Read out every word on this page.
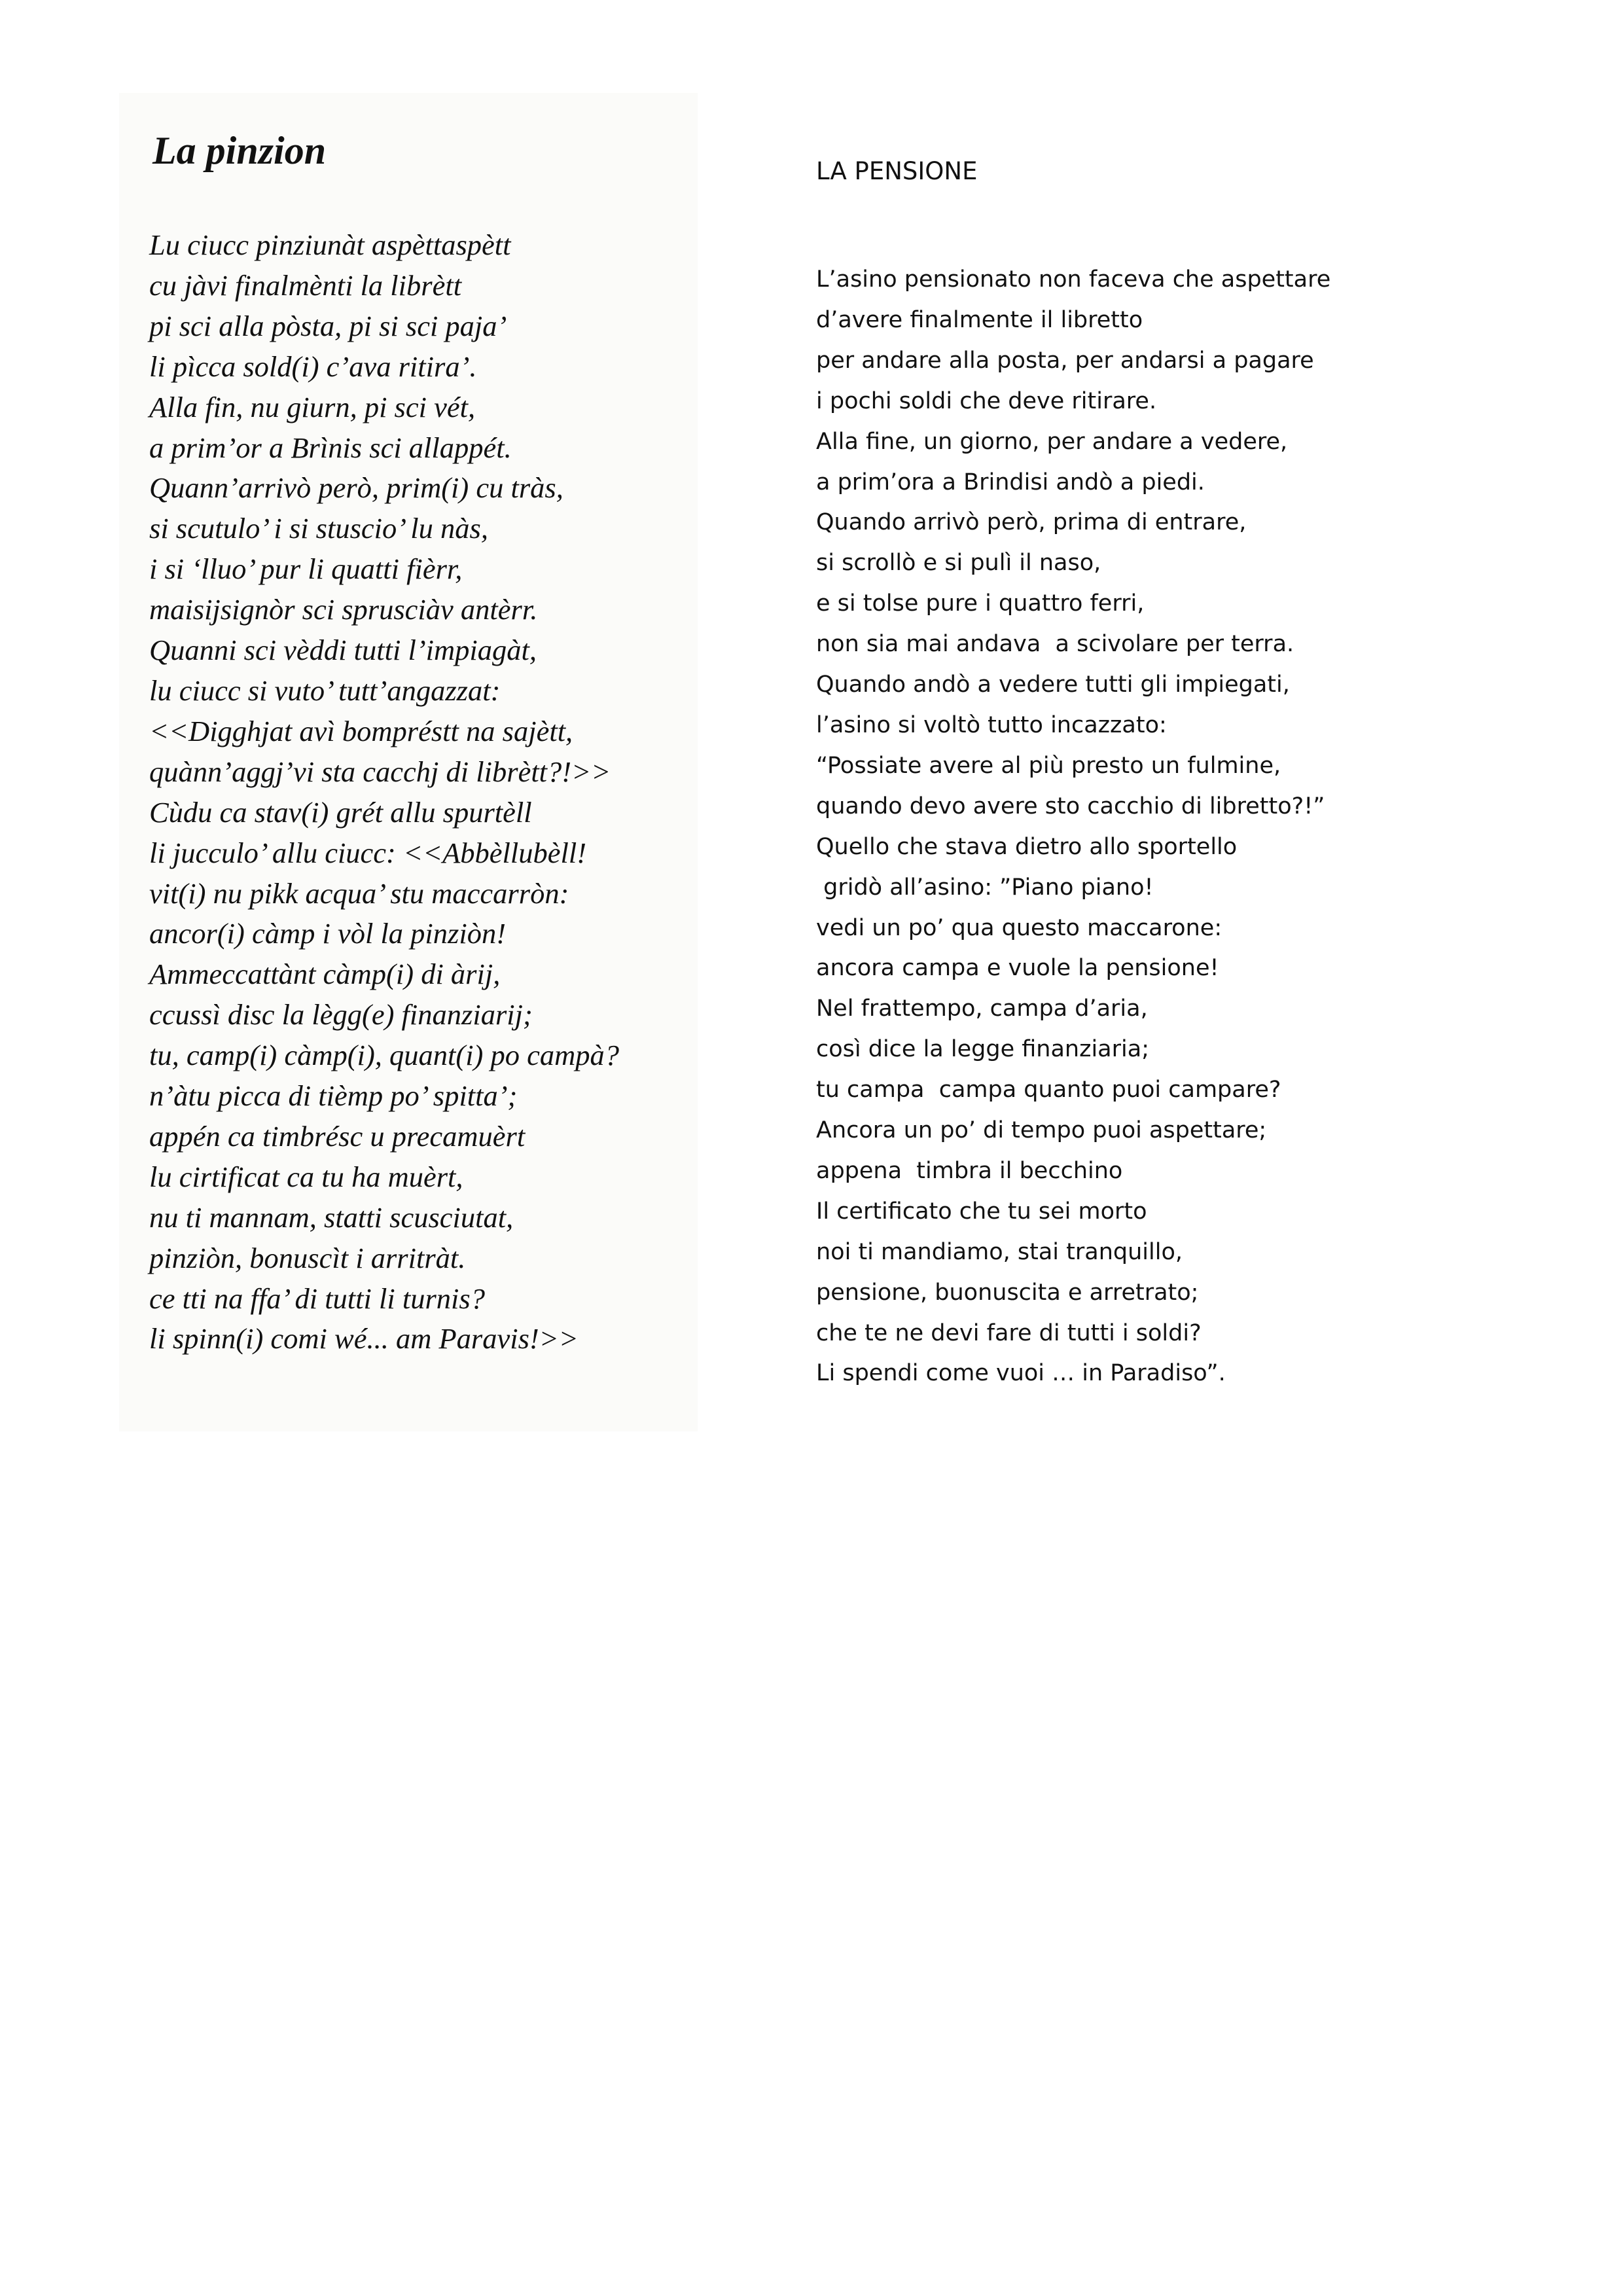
La pinzion
Lu ciucc pinziunàt aspèttaspètt
cu jàvi finalmènti la librètt
pi sci alla pòsta, pi si sci paja’
li pìcca sold(i) c’ava ritira’.
Alla fin, nu giurn, pi sci vét,
a prim’or a Brìnis sci allappét.
Quann’arrivò però, prim(i) cu tràs,
si scutulo’ i si stuscio’ lu nàs,
i si ‘lluo’ pur li quatti fièrr,
maisijsignòr sci sprusciàv antèrr.
Quanni sci vèddi tutti l’impiagàt,
lu ciucc si vuto’ tutt’angazzat:
<<Digghjat avì bompréstt na sajètt,
quànn’aggj’vi sta cacchj di librètt?!>>
Cùdu ca stav(i) grét allu spurtèll
li jucculo’ allu ciucc: <<Abbèllubèll!
vit(i) nu pikk acqua’ stu maccarròn:
ancor(i) càmp i vòl la pinziòn!
Ammeccattànt càmp(i) di àrij,
ccussì disc la lègg(e) finanziarij;
tu, camp(i) càmp(i), quant(i) po campà?
n’àtu picca di tièmp po’ spitta’;
appén ca timbrésc u precamuèrt
lu cirtificat ca tu ha muèrt,
nu ti mannam, statti scusciutat,
pinziòn, bonuscìt i arritràt.
ce tti na ffa’ di tutti li turnis?
li spinn(i) comi wé... am Paravis!>>
LA PENSIONE
L’asino pensionato non faceva che aspettare
d’avere finalmente il libretto
per andare alla posta, per andarsi a pagare
i pochi soldi che deve ritirare.
Alla fine, un giorno, per andare a vedere,
a prim’ora a Brindisi andò a piedi.
Quando arrivò però, prima di entrare,
si scrollò e si pulì il naso,
e si tolse pure i quattro ferri,
non sia mai andava  a scivolare per terra.
Quando andò a vedere tutti gli impiegati,
l’asino si voltò tutto incazzato:
“Possiate avere al più presto un fulmine,
quando devo avere sto cacchio di libretto?!”
Quello che stava dietro allo sportello
gridò all’asino: ”Piano piano!
vedi un po’ qua questo maccarone:
ancora campa e vuole la pensione!
Nel frattempo, campa d’aria,
così dice la legge finanziaria;
tu campa  campa quanto puoi campare?
Ancora un po’ di tempo puoi aspettare;
appena  timbra il becchino
Il certificato che tu sei morto
noi ti mandiamo, stai tranquillo,
pensione, buonuscita e arretrato;
che te ne devi fare di tutti i soldi?
Li spendi come vuoi … in Paradiso”.
